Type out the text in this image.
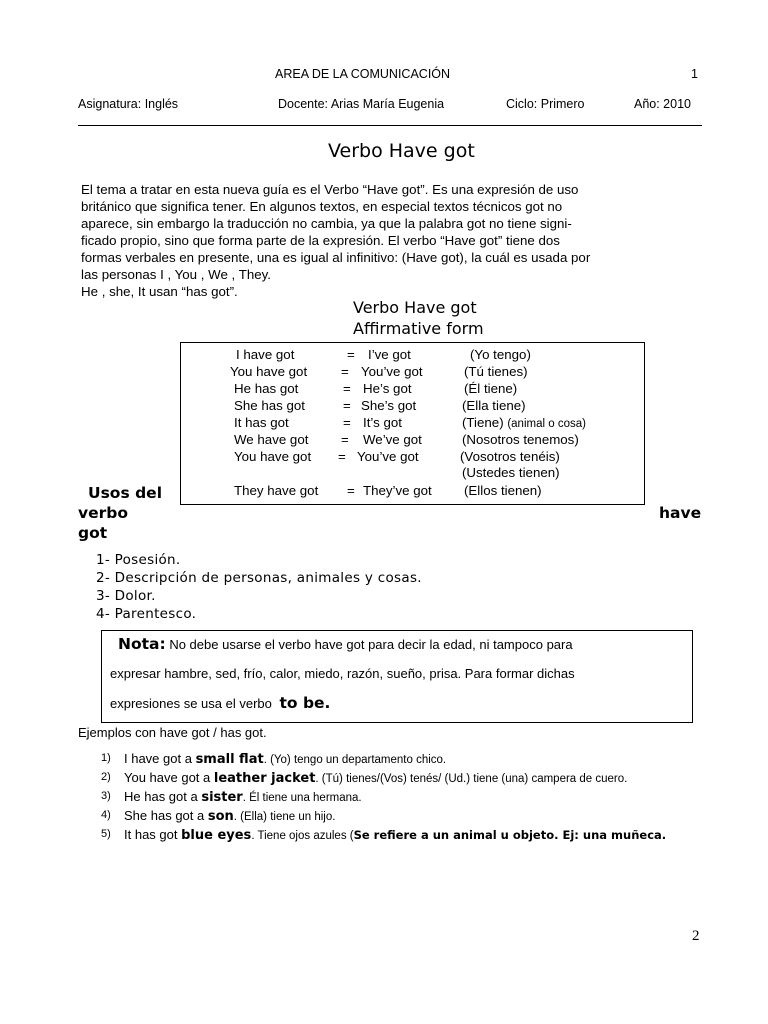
AREA DE LA COMUNICACIÓN	1
Asignatura: Inglés	Docente: Arias María Eugenia	Ciclo: Primero	Año: 2010
Verbo Have got
El tema a tratar en esta nueva guía es el Verbo “Have got”. Es una expresión de uso
británico que significa tener. En algunos textos, en especial textos técnicos got no
aparece, sin embargo la traducción no cambia, ya que la palabra got no tiene signi-
ficado propio, sino que forma parte de la expresión. El verbo “Have got” tiene dos
formas verbales en presente, una es igual al infinitivo: (Have got), la cuál es usada por
las personas I , You , We , They.
He , she, It usan “has got”.
Verbo Have got
Affirmative form
I have got	= I’ve got	(Yo tengo)
You have got	= You’ve got	(Tú tienes)
He has got	= He’s got	(Él tiene)
She has got	= She’s got	(Ella tiene)
It has got	= It’s got	(Tiene) (animal o cosa)
We have got = We’ve got	(Nosotros tenemos)
You have got = You’ve got	(Vosotros tenéis)
(Ustedes tienen)
They have got = They’ve got (Ellos tienen)
Usos del
verbo
got
have
1- Posesión.
2- Descripción de personas, animales y cosas.
3- Dolor.
4- Parentesco.
Nota: No debe usarse el verbo have got para decir la edad, ni tampoco para
expresar hambre, sed, frío, calor, miedo, razón, sueño, prisa. Para formar dichas
expresiones se usa el verbo to be.
Ejemplos con have got / has got.
1) I have got a small flat. (Yo) tengo un departamento chico.
2) You have got a leather jacket. (Tú) tienes/(Vos) tenés/ (Ud.) tiene (una) campera de cuero.
3) He has got a sister. Él tiene una hermana.
4) She has got a son. (Ella) tiene un hijo.
5) It has got blue eyes. Tiene ojos azules (Se refiere a un animal u objeto. Ej: una muñeca.
2
